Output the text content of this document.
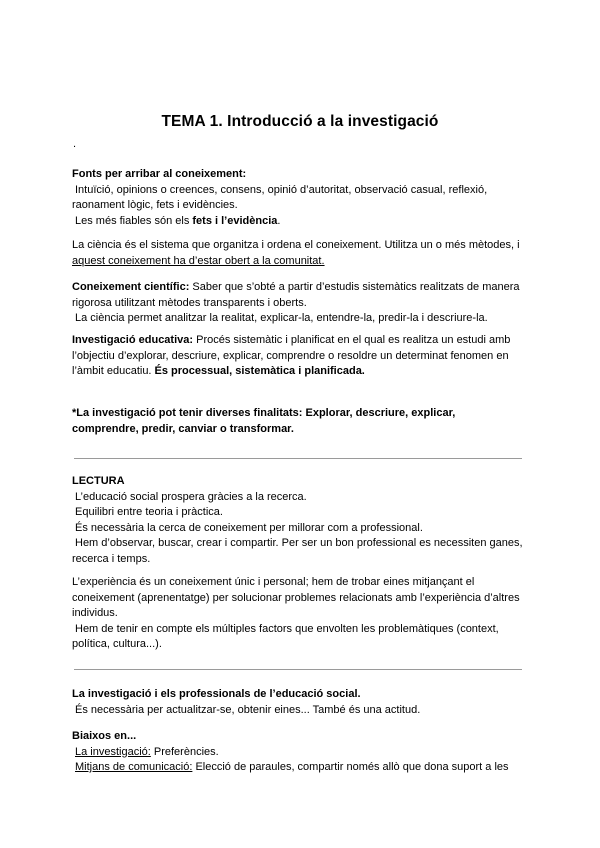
TEMA 1. Introducció a la investigació
.

Fonts per arribar al coneixement:

Intuïció, opinions o creences, consens, opinió d’autoritat, observació casual, reflexió,

raonament lògic, fets i evidències.

Les més fiables són els fets i l’evidència.

La ciència és el sistema que organitza i ordena el coneixement. Utilitza un o més mètodes, i

aquest coneixement ha d’estar obert a la comunitat.

Coneixement científic: Saber que s’obté a partir d’estudis sistemàtics realitzats de manera

rigorosa utilitzant mètodes transparents i oberts.

La ciència permet analitzar la realitat, explicar-la, entendre-la, predir-la i descriure-la.

Investigació educativa: Procés sistemàtic i planificat en el qual es realitza un estudi amb

l’objectiu d’explorar, descriure, explicar, comprendre o resoldre un determinat fenomen en

l’àmbit educatiu. És processual, sistemàtica i planificada.

*La investigació pot tenir diverses finalitats: Explorar, descriure, explicar,

comprendre, predir, canviar o transformar.

LECTURA

L’educació social prospera gràcies a la recerca.

Equilibri entre teoria i pràctica.

És necessària la cerca de coneixement per millorar com a professional.

Hem d’observar, buscar, crear i compartir. Per ser un bon professional es necessiten ganes,

recerca i temps.

L’experiència és un coneixement únic i personal; hem de trobar eines mitjançant el

coneixement (aprenentatge) per solucionar problemes relacionats amb l’experiència d’altres

individus.

Hem de tenir en compte els múltiples factors que envolten les problemàtiques (context,

política, cultura...).

La investigació i els professionals de l’educació social.

És necessària per actualitzar-se, obtenir eines... També és una actitud.

Biaixos en...

La investigació: Preferències.

Mitjans de comunicació: Elecció de paraules, compartir només allò que dona suport a les
